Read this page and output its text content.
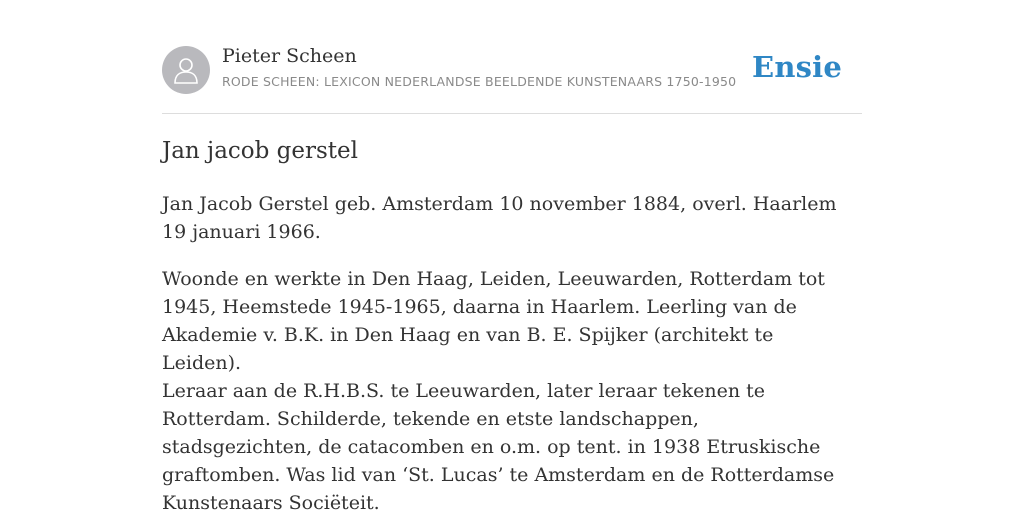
Pieter Scheen
RODE SCHEEN: LEXICON NEDERLANDSE BEELDENDE KUNSTENAARS 1750-1950 Ensie
Jan jacob gerstel

Jan Jacob Gerstel geb. Amsterdam 10 november 1884, overl. Haarlem 19 januari 1966.

Woonde en werkte in Den Haag, Leiden, Leeuwarden, Rotterdam tot 1945, Heemstede 1945-1965, daarna in Haarlem. Leerling van de Akademie v. B.K. in Den Haag en van B. E. Spijker (architekt te Leiden).

Leraar aan de R.H.B.S. te Leeuwarden, later leraar tekenen te Rotterdam. Schilderde, tekende en etste landschappen, stadsgezichten, de catacomben en o.m. op tent. in 1938 Etruskische graftomben. Was lid van ‘St. Lucas’ te Amsterdam en de Rotterdamse Kunstenaars Sociëteit.
